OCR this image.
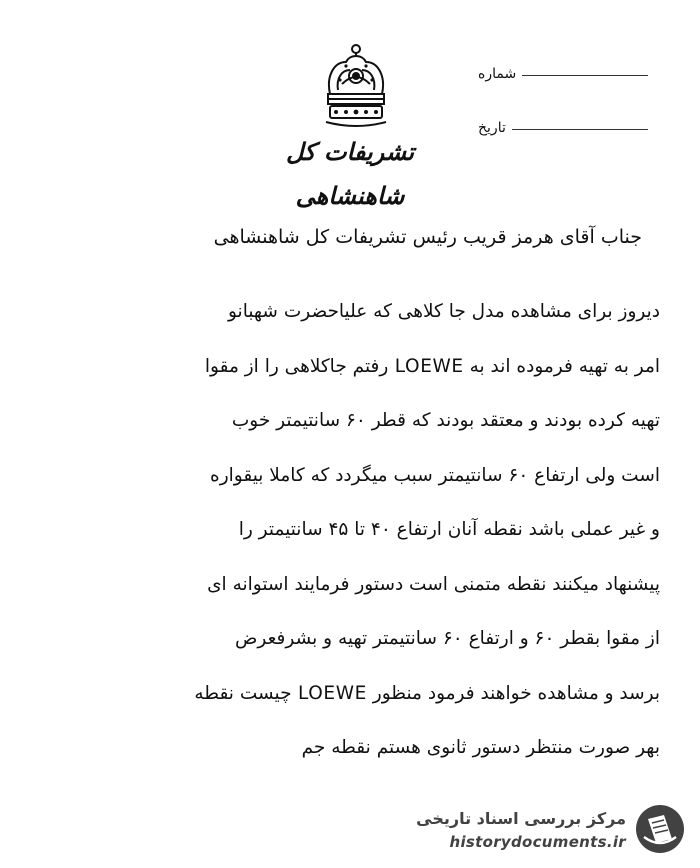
شماره
تاریخ
تشریفات کل شاهنشاهی
جناب آقای هرمز قریب رئیس تشریفات کل شاهنشاهی
دیروز برای مشاهده مدل جا کلاهی که علیاحضرت شهبانو
امر به تهیه فرموده اند به LOEWE رفتم جاکلاهی را از مقوا
تهیه کرده بودند و معتقد بودند که قطر ۶۰ سانتیمتر خوب
است ولی ارتفاع ۶۰ سانتیمتر سبب میگردد که کاملا بیقواره
و غیر عملی باشد نقطه آنان ارتفاع ۴۰ تا ۴۵ سانتیمتر را
پیشنهاد میکنند نقطه متمنی است دستور فرمایند استوانه ای
از مقوا بقطر ۶۰ و ارتفاع ۶۰ سانتیمتر تهیه و بشرفعرض
برسد و مشاهده خواهند فرمود منظور LOEWE چیست نقطه
بهر صورت منتظر دستور ثانوی هستم نقطه جم
مرکز بررسی اسناد تاریخی
historydocuments.ir
